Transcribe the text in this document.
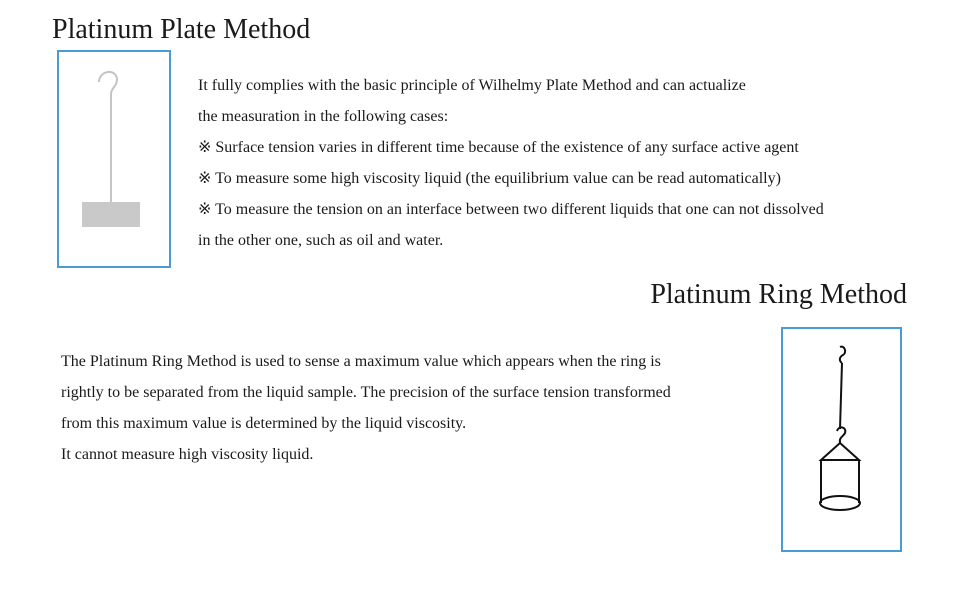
Platinum Plate Method
It fully complies with the basic principle of Wilhelmy Plate Method and can actualize
the measuration in the following cases:
※ Surface tension varies in different time because of the existence of any surface active agent
※ To measure some high viscosity liquid (the equilibrium value can be read automatically)
※ To measure the tension on an interface between two different liquids that one can not dissolved
in the other one, such as oil and water.
Platinum Ring Method
The Platinum Ring Method is used to sense a maximum value which appears when the ring is
rightly to be separated from the liquid sample. The precision of the surface tension transformed
from this maximum value is determined by the liquid viscosity.
It cannot measure high viscosity liquid.
